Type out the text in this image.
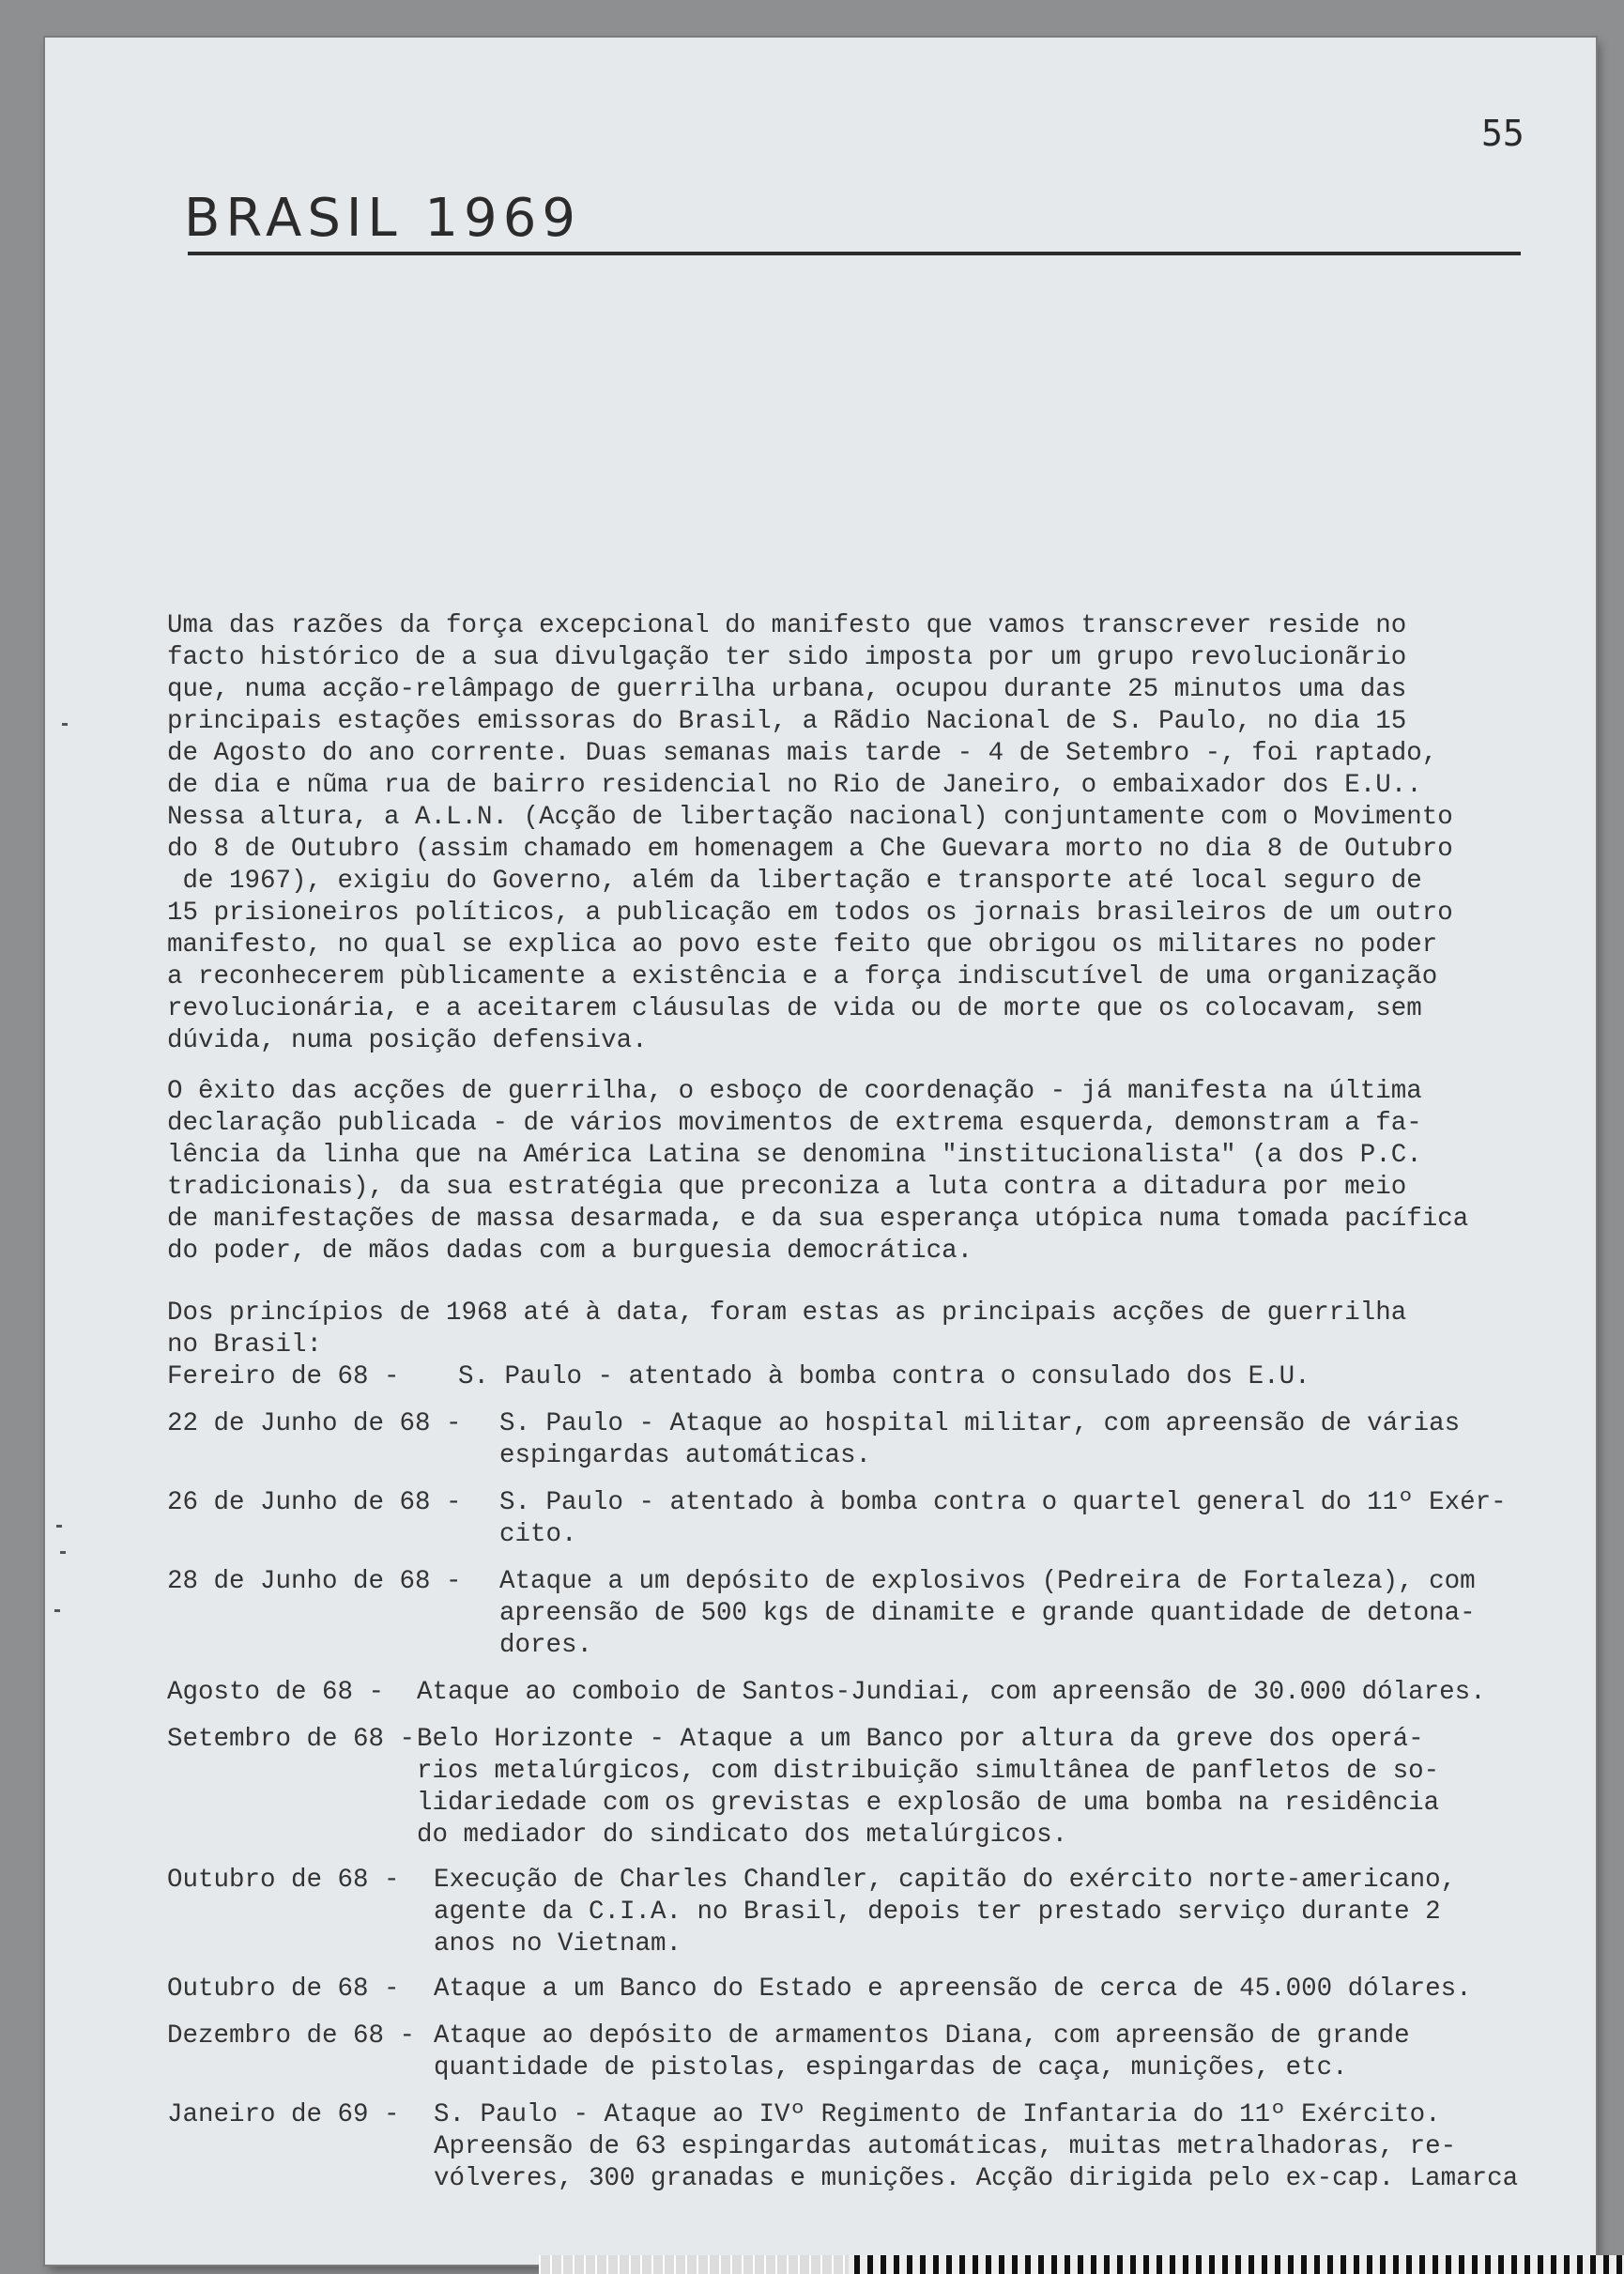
55
BRASIL 1969
Uma das razões da força excepcional do manifesto que vamos transcrever reside no
facto histórico de a sua divulgação ter sido imposta por um grupo revolucionãrio
que, numa acção-relâmpago de guerrilha urbana, ocupou durante 25 minutos uma das
principais estações emissoras do Brasil, a Rãdio Nacional de S. Paulo, no dia 15
de Agosto do ano corrente. Duas semanas mais tarde - 4 de Setembro -, foi raptado,
de dia e nũma rua de bairro residencial no Rio de Janeiro, o embaixador dos E.U..
Nessa altura, a A.L.N. (Acção de libertação nacional) conjuntamente com o Movimento
do 8 de Outubro (assim chamado em homenagem a Che Guevara morto no dia 8 de Outubro
de 1967), exigiu do Governo, além da libertação e transporte até local seguro de
15 prisioneiros políticos, a publicação em todos os jornais brasileiros de um outro
manifesto, no qual se explica ao povo este feito que obrigou os militares no poder
a reconhecerem pùblicamente a existência e a força indiscutível de uma organização
revolucionária, e a aceitarem cláusulas de vida ou de morte que os colocavam, sem
dúvida, numa posição defensiva.
O êxito das acções de guerrilha, o esboço de coordenação - já manifesta na última
declaração publicada - de vários movimentos de extrema esquerda, demonstram a fa-
lência da linha que na América Latina se denomina "institucionalista" (a dos P.C.
tradicionais), da sua estratégia que preconiza a luta contra a ditadura por meio
de manifestações de massa desarmada, e da sua esperança utópica numa tomada pacífica
do poder, de mãos dadas com a burguesia democrática.
Dos princípios de 1968 até à data, foram estas as principais acções de guerrilha
no Brasil:
Fereiro de 68 - S. Paulo - atentado à bomba contra o consulado dos E.U.
22 de Junho de 68 - S. Paulo - Ataque ao hospital militar, com apreensão de várias
espingardas automáticas.
26 de Junho de 68 - S. Paulo - atentado à bomba contra o quartel general do 11º Exér-
cito.
28 de Junho de 68 - Ataque a um depósito de explosivos (Pedreira de Fortaleza), com
apreensão de 500 kgs de dinamite e grande quantidade de detona-
dores.
Agosto de 68 - Ataque ao comboio de Santos-Jundiai, com apreensão de 30.000 dólares.
Setembro de 68 - Belo Horizonte - Ataque a um Banco por altura da greve dos operá-
rios metalúrgicos, com distribuição simultânea de panfletos de so-
lidariedade com os grevistas e explosão de uma bomba na residência
do mediador do sindicato dos metalúrgicos.
Outubro de 68 - Execução de Charles Chandler, capitão do exército norte-americano,
agente da C.I.A. no Brasil, depois ter prestado serviço durante 2
anos no Vietnam.
Outubro de 68 - Ataque a um Banco do Estado e apreensão de cerca de 45.000 dólares.
Dezembro de 68 - Ataque ao depósito de armamentos Diana, com apreensão de grande
quantidade de pistolas, espingardas de caça, munições, etc.
Janeiro de 69 - S. Paulo - Ataque ao IVº Regimento de Infantaria do 11º Exército.
Apreensão de 63 espingardas automáticas, muitas metralhadoras, re-
vólveres, 300 granadas e munições. Acção dirigida pelo ex-cap. Lamarca
